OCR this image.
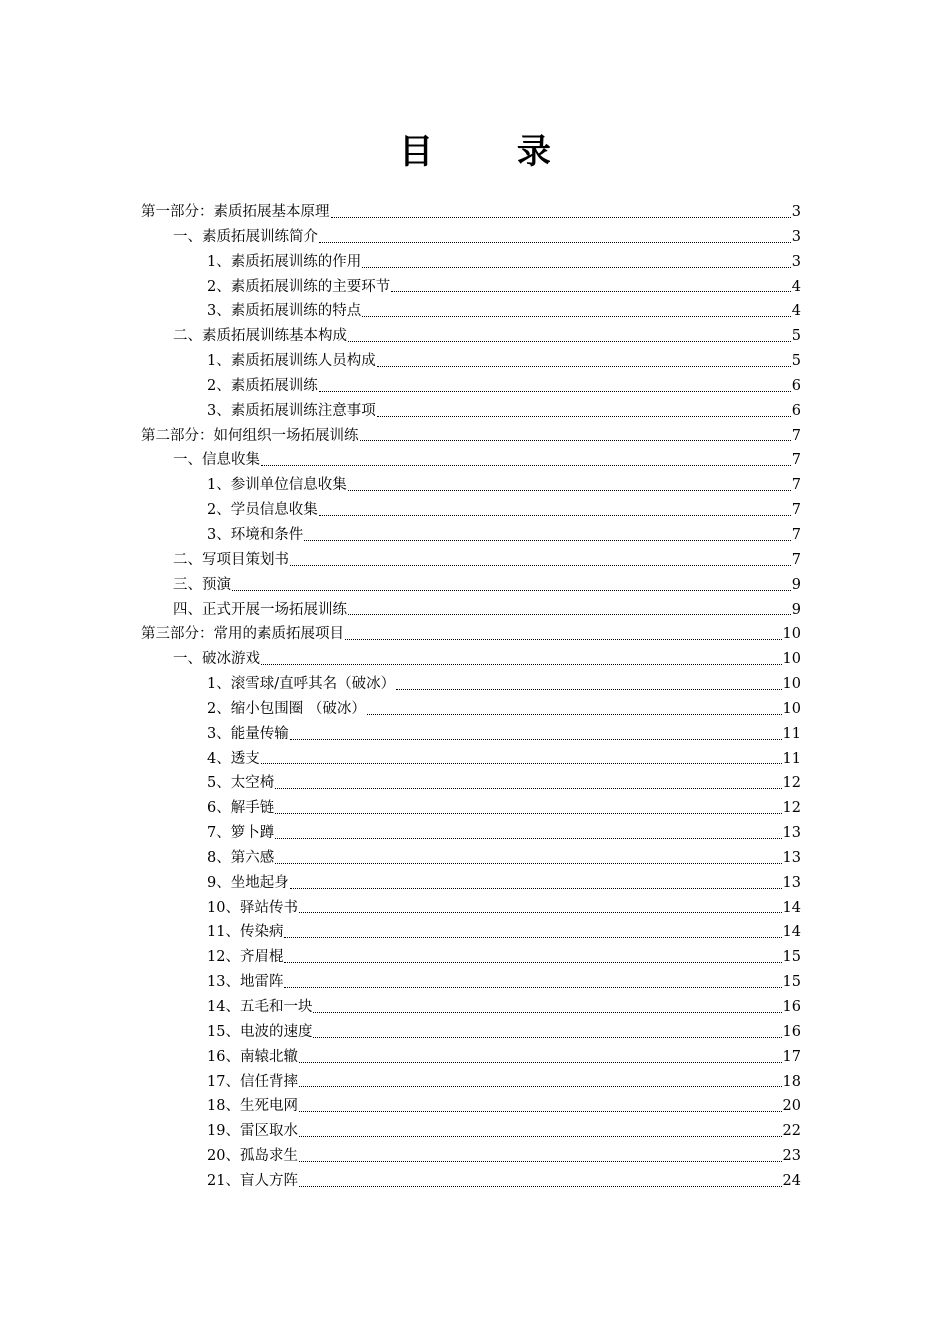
目 录
第一部分：素质拓展基本原理	3
一、素质拓展训练简介	3
1、素质拓展训练的作用	3
2、素质拓展训练的主要环节	4
3、素质拓展训练的特点	4
二、素质拓展训练基本构成	5
1、素质拓展训练人员构成	5
2、素质拓展训练	6
3、素质拓展训练注意事项	6
第二部分：如何组织一场拓展训练	7
一、信息收集	7
1、参训单位信息收集	7
2、学员信息收集	7
3、环境和条件	7
二、写项目策划书	7
三、预演	9
四、正式开展一场拓展训练	9
第三部分：常用的素质拓展项目	10
一、破冰游戏	10
1、滚雪球/直呼其名（破冰）	10
2、缩小包围圈 （破冰）	10
3、能量传输	11
4、透支	11
5、太空椅	12
6、解手链	12
7、箩卜蹲	13
8、第六感	13
9、坐地起身	13
10、驿站传书	14
11、传染病	14
12、齐眉棍	15
13、地雷阵	15
14、五毛和一块	16
15、电波的速度	16
16、南辕北辙	17
17、信任背摔	18
18、生死电网	20
19、雷区取水	22
20、孤岛求生	23
21、盲人方阵	24
